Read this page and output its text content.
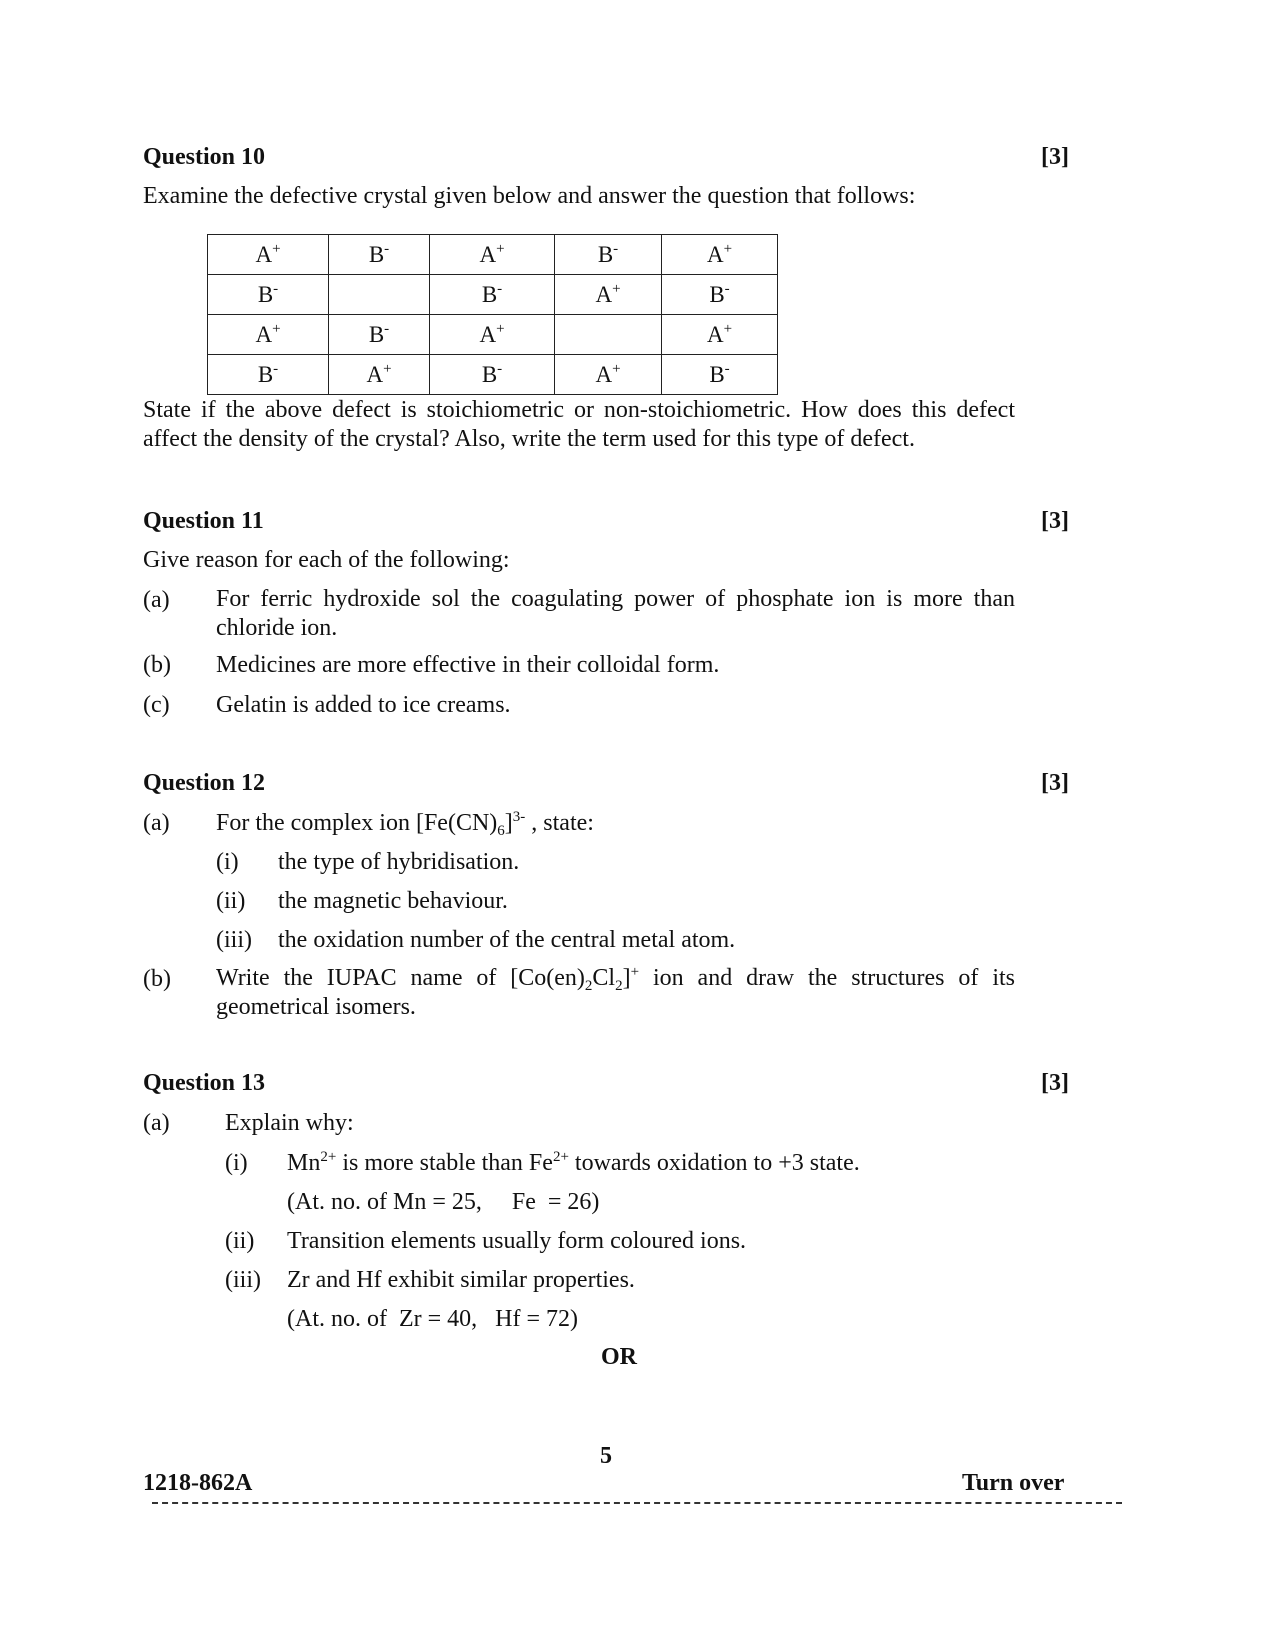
Question 10	[3]
Examine the defective crystal given below and answer the question that follows:
A+	B-	A+	B-	A+
B-		B-	A+	B-
A+	B-	A+		A+
B-	A+	B-	A+	B-
State if the above defect is stoichiometric or non-stoichiometric. How does this defect affect the density of the crystal? Also, write the term used for this type of defect.
Question 11	[3]
Give reason for each of the following:
(a) For ferric hydroxide sol the coagulating power of phosphate ion is more than chloride ion.
(b) Medicines are more effective in their colloidal form.
(c) Gelatin is added to ice creams.
Question 12	[3]
(a) For the complex ion $[Fe(CN)_6]^{3-}$ , state:
(i) the type of hybridisation.
(ii) the magnetic behaviour.
(iii) the oxidation number of the central metal atom.
(b) Write the IUPAC name of $[Co(en)_2Cl_2]^+$ ion and draw the structures of its geometrical isomers.
Question 13	[3]
(a) Explain why:
(i) $Mn^{2+}$ is more stable than $Fe^{2+}$ towards oxidation to +3 state.
(At. no. of Mn = 25,     Fe  = 26)
(ii) Transition elements usually form coloured ions.
(iii) Zr and Hf exhibit similar properties.
(At. no. of  Zr = 40,   Hf = 72)
OR
5
1218-862A	Turn over
